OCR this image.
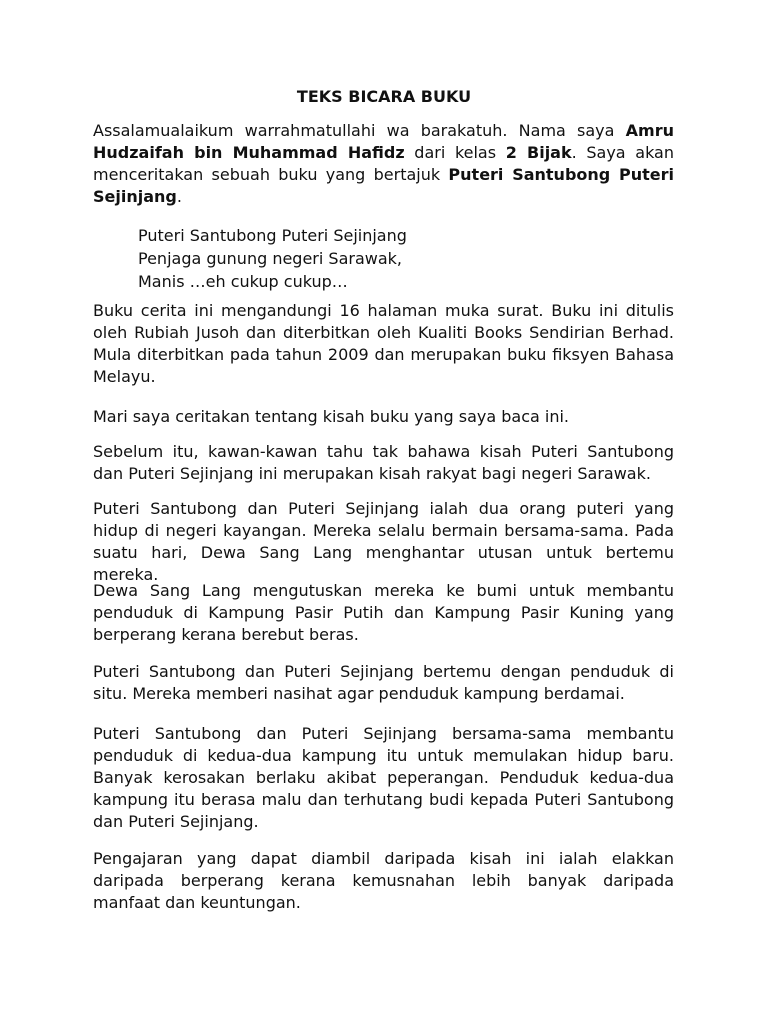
TEKS BICARA BUKU

Assalamualaikum warrahmatullahi wa barakatuh. Nama saya Amru Hudzaifah bin Muhammad Hafidz dari kelas 2 Bijak. Saya akan menceritakan sebuah buku yang bertajuk Puteri Santubong Puteri Sejinjang.

Puteri Santubong Puteri Sejinjang
Penjaga gunung negeri Sarawak,
Manis …eh cukup cukup…

Buku cerita ini mengandungi 16 halaman muka surat. Buku ini ditulis oleh Rubiah Jusoh dan diterbitkan oleh Kualiti Books Sendirian Berhad. Mula diterbitkan pada tahun 2009 dan merupakan buku fiksyen Bahasa Melayu.

Mari saya ceritakan tentang kisah buku yang saya baca ini.

Sebelum itu, kawan-kawan tahu tak bahawa kisah Puteri Santubong dan Puteri Sejinjang ini merupakan kisah rakyat bagi negeri Sarawak.

Puteri Santubong dan Puteri Sejinjang ialah dua orang puteri yang hidup di negeri kayangan. Mereka selalu bermain bersama-sama. Pada suatu hari, Dewa Sang Lang menghantar utusan untuk bertemu mereka.

Dewa Sang Lang mengutuskan mereka ke bumi untuk membantu penduduk di Kampung Pasir Putih dan Kampung Pasir Kuning yang berperang kerana berebut beras.

Puteri Santubong dan Puteri Sejinjang bertemu dengan penduduk di situ. Mereka memberi nasihat agar penduduk kampung berdamai.

Puteri Santubong dan Puteri Sejinjang bersama-sama membantu penduduk di kedua-dua kampung itu untuk memulakan hidup baru. Banyak kerosakan berlaku akibat peperangan. Penduduk kedua-dua kampung itu berasa malu dan terhutang budi kepada Puteri Santubong dan Puteri Sejinjang.

Pengajaran yang dapat diambil daripada kisah ini ialah elakkan daripada berperang kerana kemusnahan lebih banyak daripada manfaat dan keuntungan.
